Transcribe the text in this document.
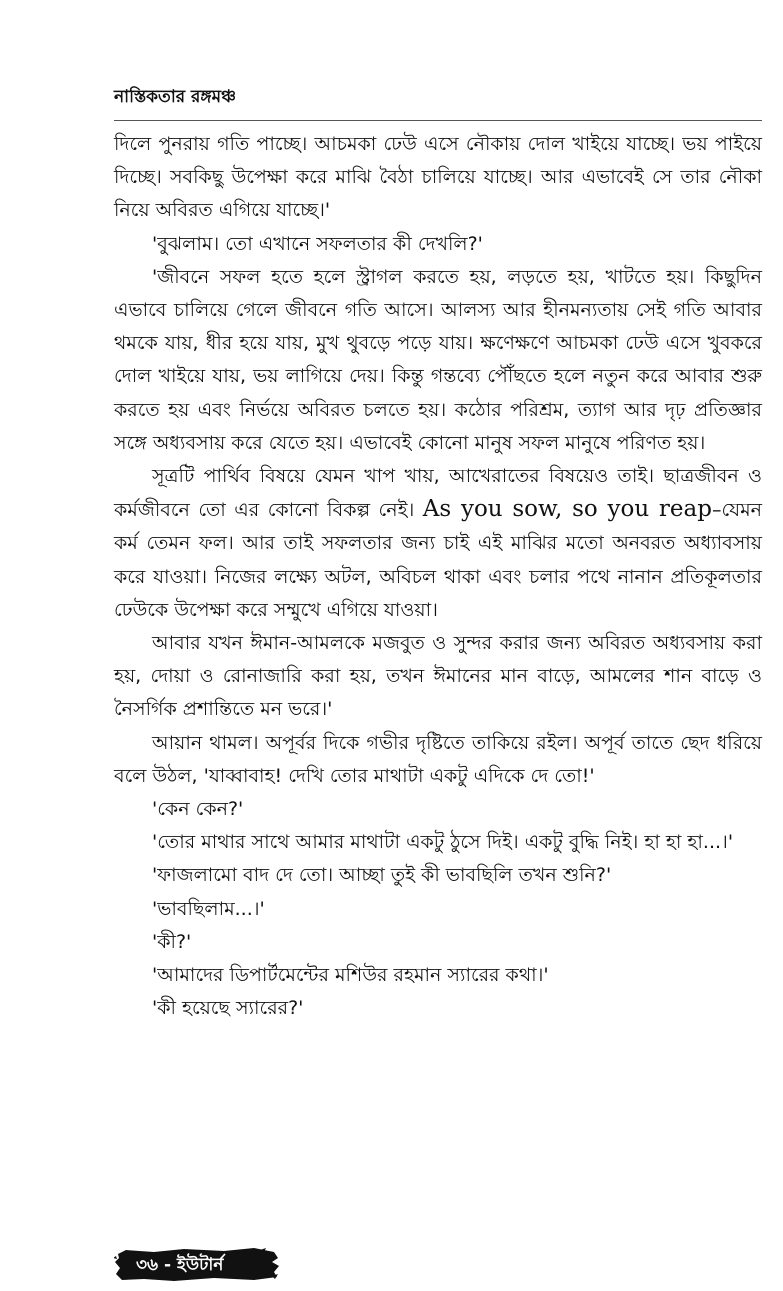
নাস্তিকতার রঙ্গমঞ্চ

দিলে পুনরায় গতি পাচ্ছে। আচমকা ঢেউ এসে নৌকায় দোল খাইয়ে যাচ্ছে। ভয় পাইয়ে দিচ্ছে। সবকিছু উপেক্ষা করে মাঝি বৈঠা চালিয়ে যাচ্ছে। আর এভাবেই সে তার নৌকা নিয়ে অবিরত এগিয়ে যাচ্ছে।'

'বুঝলাম। তো এখানে সফলতার কী দেখলি?'

'জীবনে সফল হতে হলে স্ট্রাগল করতে হয়, লড়তে হয়, খাটতে হয়। কিছুদিন এভাবে চালিয়ে গেলে জীবনে গতি আসে। আলস্য আর হীনমন্যতায় সেই গতি আবার থমকে যায়, ধীর হয়ে যায়, মুখ থুবড়ে পড়ে যায়। ক্ষণেক্ষণে আচমকা ঢেউ এসে খুবকরে দোল খাইয়ে যায়, ভয় লাগিয়ে দেয়। কিন্তু গন্তব্যে পৌঁছতে হলে নতুন করে আবার শুরু করতে হয় এবং নির্ভয়ে অবিরত চলতে হয়। কঠোর পরিশ্রম, ত্যাগ আর দৃঢ় প্রতিজ্ঞার সঙ্গে অধ্যবসায় করে যেতে হয়। এভাবেই কোনো মানুষ সফল মানুষে পরিণত হয়।

সূত্রটি পার্থিব বিষয়ে যেমন খাপ খায়, আখেরাতের বিষয়েও তাই। ছাত্রজীবন ও কর্মজীবনে তো এর কোনো বিকল্প নেই। As you sow, so you reap–যেমন কর্ম তেমন ফল। আর তাই সফলতার জন্য চাই এই মাঝির মতো অনবরত অধ্যাবসায় করে যাওয়া। নিজের লক্ষ্যে অটল, অবিচল থাকা এবং চলার পথে নানান প্রতিকূলতার ঢেউকে উপেক্ষা করে সম্মুখে এগিয়ে যাওয়া।

আবার যখন ঈমান-আমলকে মজবুত ও সুন্দর করার জন্য অবিরত অধ্যবসায় করা হয়, দোয়া ও রোনাজারি করা হয়, তখন ঈমানের মান বাড়ে, আমলের শান বাড়ে ও নৈসর্গিক প্রশান্তিতে মন ভরে।'

আয়ান থামল। অপূর্বর দিকে গভীর দৃষ্টিতে তাকিয়ে রইল। অপূর্ব তাতে ছেদ ধরিয়ে বলে উঠল, 'যাব্বাবাহ! দেখি তোর মাথাটা একটু এদিকে দে তো!'

'কেন কেন?'

'তোর মাথার সাথে আমার মাথাটা একটু ঠুসে দিই। একটু বুদ্ধি নিই। হা হা হা...।'

'ফাজলামো বাদ দে তো। আচ্ছা তুই কী ভাবছিলি তখন শুনি?'

'ভাবছিলাম...।'

'কী?'

'আমাদের ডিপার্টমেন্টের মশিউর রহমান স্যারের কথা।'

'কী হয়েছে স্যারের?'

৩৬ - ইউটার্ন
